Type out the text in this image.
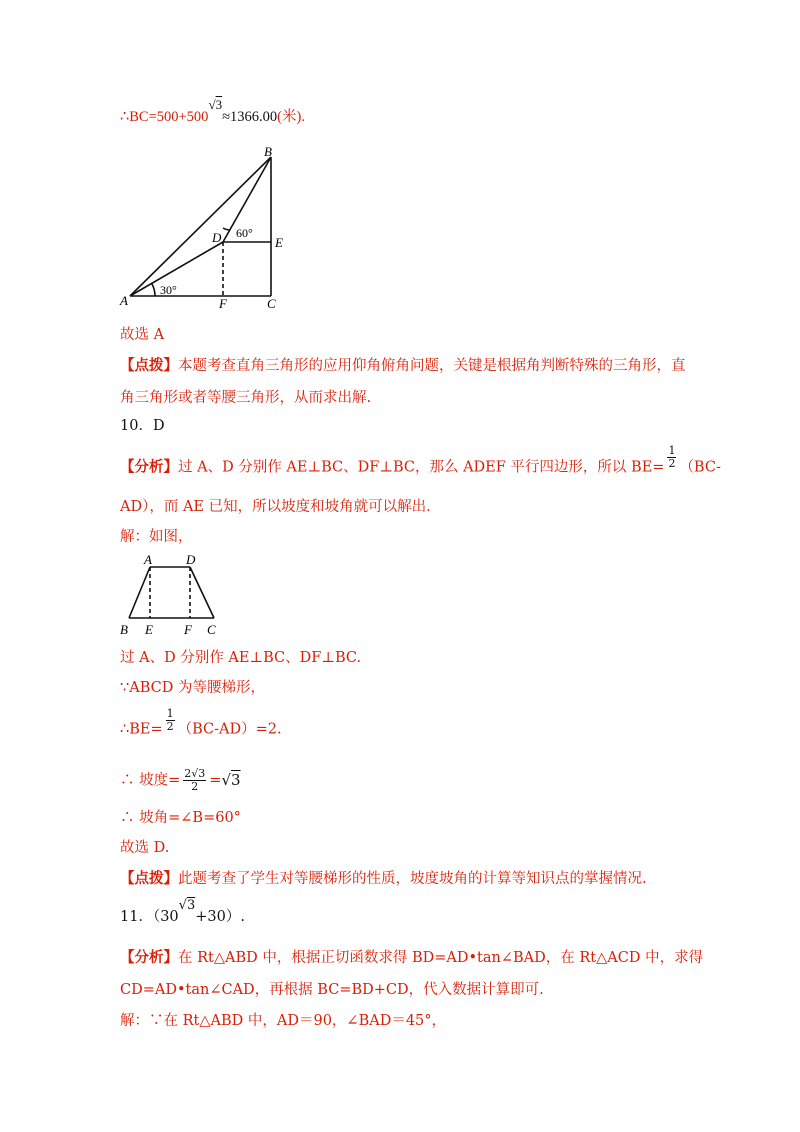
∴BC=500+500√3≈1366.00(米).
B
D	E
A	F	C
60°
30°
故选 A
【点拨】本题考查直角三角形的应用仰角俯角问题，关键是根据角判断特殊的三角形，直
角三角形或者等腰三角形，从而求出解.
10．D
【分析】过 A、D 分别作 AE⊥BC、DF⊥BC，那么 ADEF 平行四边形，所以 $BE= \frac{1}{2} (BC-$
AD），而 AE 已知，所以坡度和坡角就可以解出.
解：如图，
A	D
B E F C
过 A、D 分别作 AE⊥BC、DF⊥BC.
∵ABCD 为等腰梯形，
∴BE= $\frac{1}{2} (BC-AD)=2$.
∴ 坡度= $\frac{2√3}{2} =√3$
∴ 坡角=∠B=60°
故选 D.
【点拨】此题考查了学生对等腰梯形的性质，坡度坡角的计算等知识点的掌握情况.
11．（30√3+30）.
【分析】在 Rt△ABD 中，根据正切函数求得 BD=AD•tan∠BAD，在 Rt△ACD 中，求得
CD=AD•tan∠CAD，再根据 BC=BD+CD，代入数据计算即可.
解：∵在 Rt△ABD 中，AD＝90，∠BAD＝45°，
